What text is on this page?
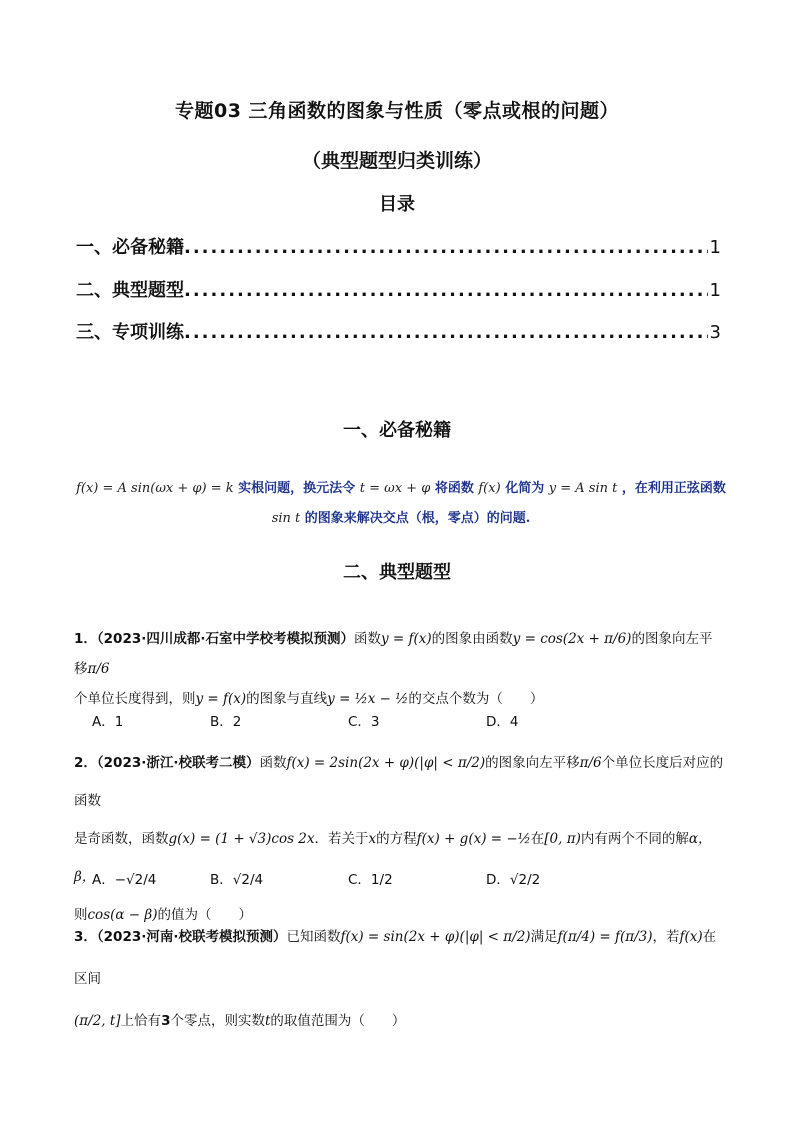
专题03 三角函数的图象与性质（零点或根的问题）
（典型题型归类训练）
目录
一、必备秘籍 .....	1
二、典型题型 .....	1
三、专项训练 .....	3
一、必备秘籍
f(x) = A sin(ωx + φ) = k 实根问题，换元法令 t = ωx + φ 将函数 f(x) 化简为 y = A sin t ，在利用正弦函数
sin t 的图象来解决交点（根，零点）的问题.
二、典型题型
1．（2023·四川成都·石室中学校考模拟预测）函数y = f(x)的图象由函数y = cos(2x + π/6)的图象向左平移π/6
个单位长度得到，则y = f(x)的图象与直线y = ½x − ½的交点个数为（　　）
A．1	B．2	C．3	D．4
2．（2023·浙江·校联考二模）函数f(x) = 2sin(2x + φ)(|φ| < π/2)的图象向左平移π/6个单位长度后对应的函数
是奇函数，函数g(x) = (1 + √3)cos 2x．若关于x的方程f(x) + g(x) = −½在[0, π)内有两个不同的解α，β，
则cos(α − β)的值为（　　）
A．−√2/4	B．√2/4	C．1/2	D．√2/2
3．（2023·河南·校联考模拟预测）已知函数f(x) = sin(2x + φ)(|φ| < π/2)满足f(π/4) = f(π/3)，若f(x)在区间
(π/2, t]上恰有3个零点，则实数t的取值范围为（　　）
